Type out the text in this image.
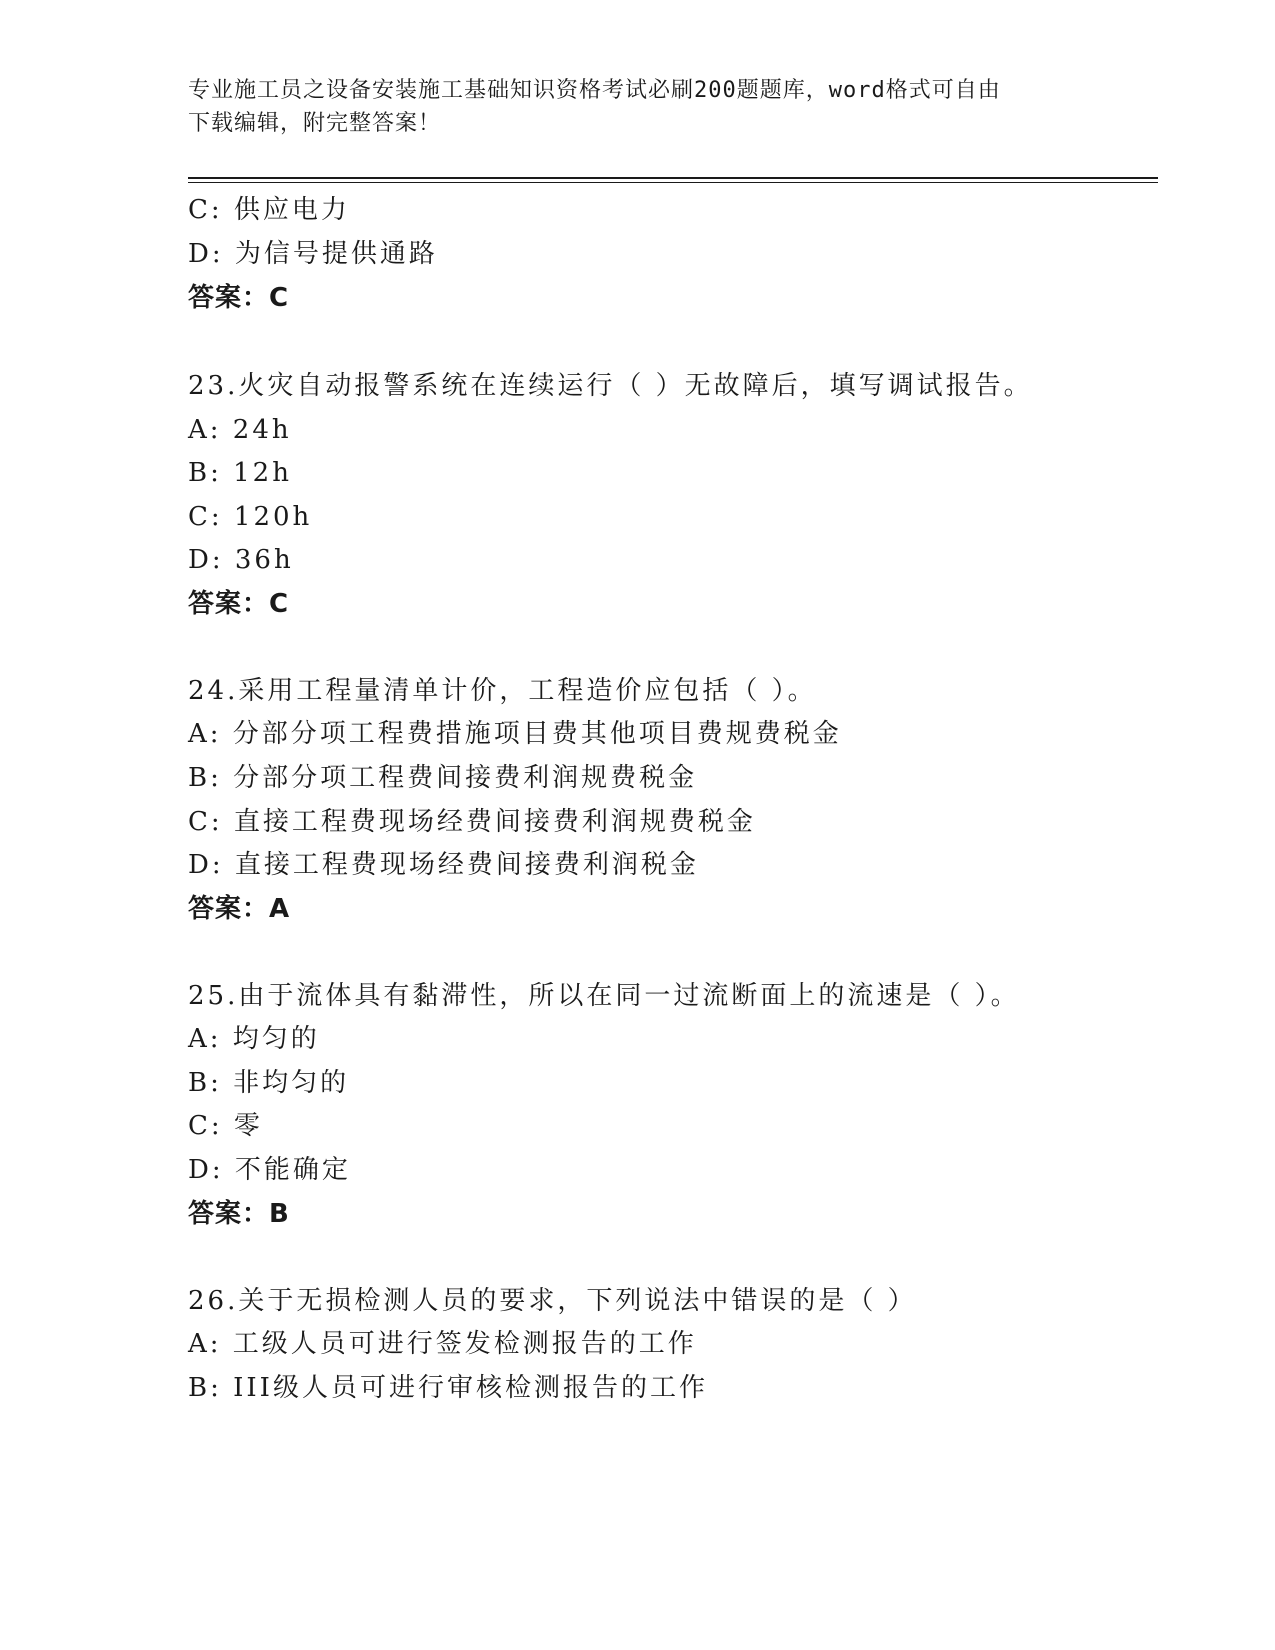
专业施工员之设备安装施工基础知识资格考试必刷200题题库，word格式可自由
下载编辑，附完整答案！
C: 供应电力
D: 为信号提供通路
答案：C
23.火灾自动报警系统在连续运行（ ）无故障后，填写调试报告。
A: 24h
B: 12h
C: 120h
D: 36h
答案：C
24.采用工程量清单计价，工程造价应包括（ ）。
A: 分部分项工程费措施项目费其他项目费规费税金
B: 分部分项工程费间接费利润规费税金
C: 直接工程费现场经费间接费利润规费税金
D: 直接工程费现场经费间接费利润税金
答案：A
25.由于流体具有黏滞性，所以在同一过流断面上的流速是（ ）。
A: 均匀的
B: 非均匀的
C: 零
D: 不能确定
答案：B
26.关于无损检测人员的要求，下列说法中错误的是（ ）
A: 工级人员可进行签发检测报告的工作
B: III级人员可进行审核检测报告的工作
